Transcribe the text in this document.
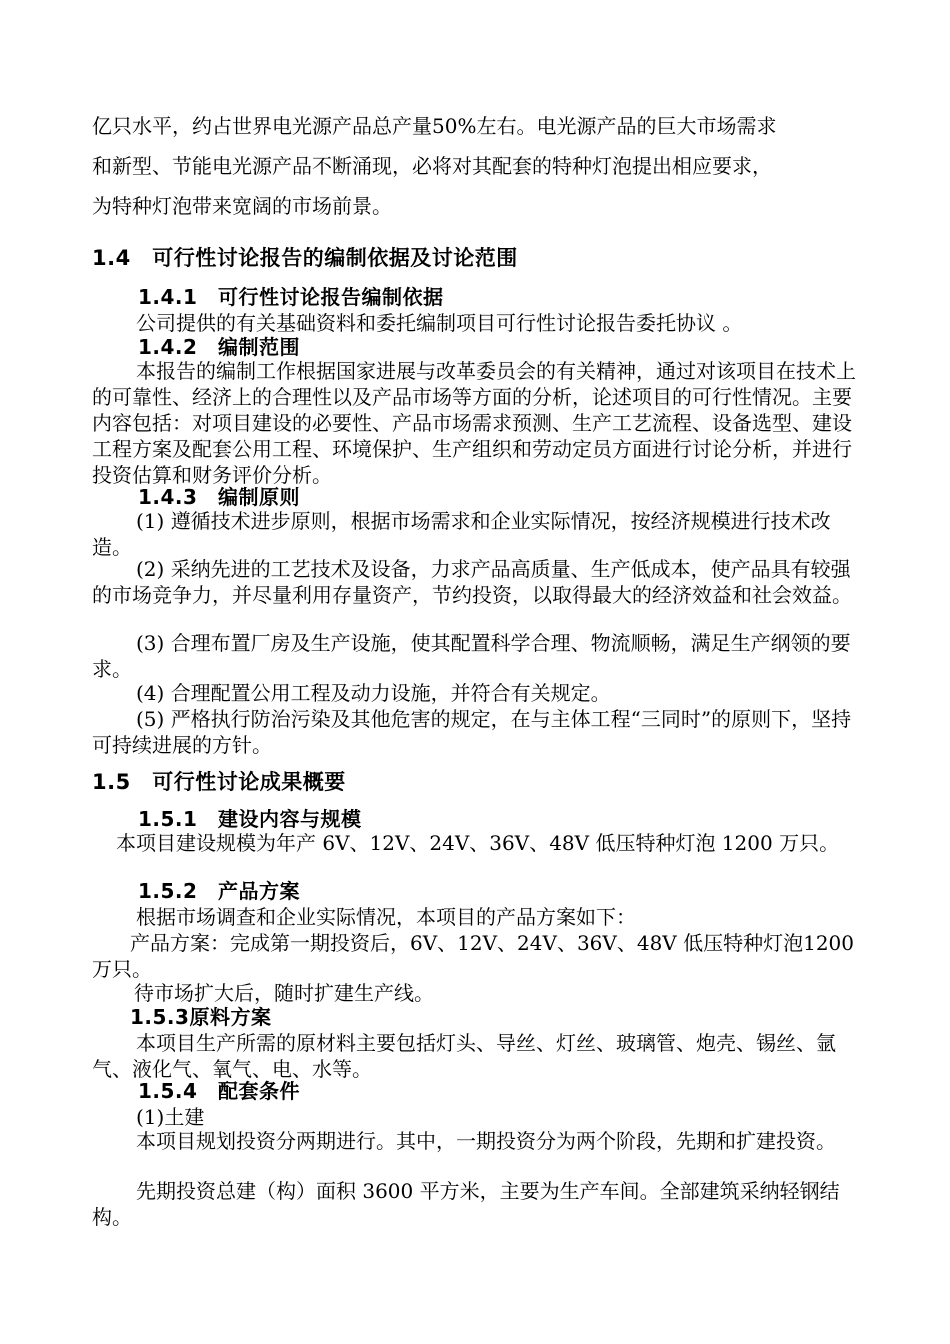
亿只水平，约占世界电光源产品总产量50%左右。电光源产品的巨大市场需求

和新型、节能电光源产品不断涌现，必将对其配套的特种灯泡提出相应要求，

为特种灯泡带来宽阔的市场前景。

1.4　可行性讨论报告的编制依据及讨论范围
1.4.1　可行性讨论报告编制依据

公司提供的有关基础资料和委托编制项目可行性讨论报告委托协议 。

1.4.2　编制范围

本报告的编制工作根据国家进展与改革委员会的有关精神，通过对该项目在技术上的可靠性、经济上的合理性以及产品市场等方面的分析，论述项目的可行性情况。主要内容包括：对项目建设的必要性、产品市场需求预测、生产工艺流程、设备选型、建设工程方案及配套公用工程、环境保护、生产组织和劳动定员方面进行讨论分析，并进行投资估算和财务评价分析。

1.4.3　编制原则

(1) 遵循技术进步原则，根据市场需求和企业实际情况，按经济规模进行技术改造。

(2) 采纳先进的工艺技术及设备，力求产品高质量、生产低成本，使产品具有较强的市场竞争力，并尽量利用存量资产，节约投资，以取得最大的经济效益和社会效益。

(3) 合理布置厂房及生产设施，使其配置科学合理、物流顺畅，满足生产纲领的要求。

(4) 合理配置公用工程及动力设施，并符合有关规定。

(5) 严格执行防治污染及其他危害的规定，在与主体工程“三同时”的原则下，坚持可持续进展的方针。

1.5　可行性讨论成果概要
1.5.1　建设内容与规模

本项目建设规模为年产 6V、12V、24V、36V、48V 低压特种灯泡 1200 万只。

1.5.2　产品方案

根据市场调查和企业实际情况，本项目的产品方案如下：

产品方案：完成第一期投资后，6V、12V、24V、36V、48V 低压特种灯泡1200 万只。

待市场扩大后，随时扩建生产线。

1.5.3原料方案

本项目生产所需的原材料主要包括灯头、导丝、灯丝、玻璃管、炮壳、锡丝、氩气、液化气、氧气、电、水等。

1.5.4　配套条件

(1)土建

本项目规划投资分两期进行。其中，一期投资分为两个阶段，先期和扩建投资。

先期投资总建（构）面积 3600 平方米，主要为生产车间。全部建筑采纳轻钢结构。
